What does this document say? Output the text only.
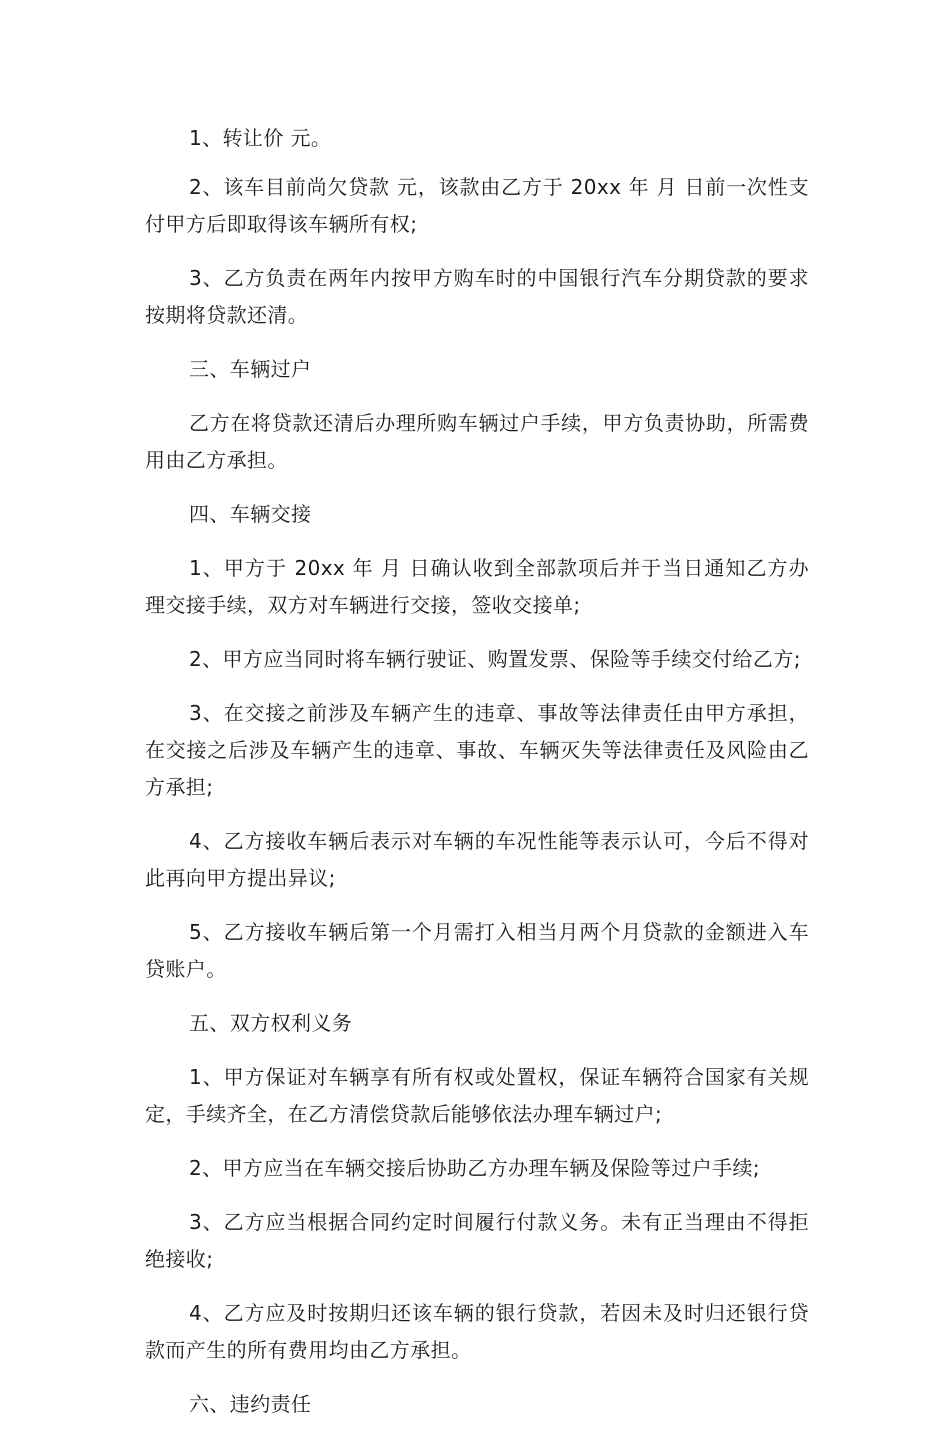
1、转让价 元。

2、该车目前尚欠贷款 元，该款由乙方于 20xx 年 月 日前一次性支付甲方后即取得该车辆所有权;

3、乙方负责在两年内按甲方购车时的中国银行汽车分期贷款的要求按期将贷款还清。

三、车辆过户

乙方在将贷款还清后办理所购车辆过户手续，甲方负责协助，所需费用由乙方承担。

四、车辆交接

1、甲方于 20xx 年 月 日确认收到全部款项后并于当日通知乙方办理交接手续，双方对车辆进行交接，签收交接单;

2、甲方应当同时将车辆行驶证、购置发票、保险等手续交付给乙方;

3、在交接之前涉及车辆产生的违章、事故等法律责任由甲方承担，在交接之后涉及车辆产生的违章、事故、车辆灭失等法律责任及风险由乙方承担;

4、乙方接收车辆后表示对车辆的车况性能等表示认可，今后不得对此再向甲方提出异议;

5、乙方接收车辆后第一个月需打入相当月两个月贷款的金额进入车贷账户。

五、双方权利义务

1、甲方保证对车辆享有所有权或处置权，保证车辆符合国家有关规定，手续齐全，在乙方清偿贷款后能够依法办理车辆过户;

2、甲方应当在车辆交接后协助乙方办理车辆及保险等过户手续;

3、乙方应当根据合同约定时间履行付款义务。未有正当理由不得拒绝接收;

4、乙方应及时按期归还该车辆的银行贷款，若因未及时归还银行贷款而产生的所有费用均由乙方承担。

六、违约责任
